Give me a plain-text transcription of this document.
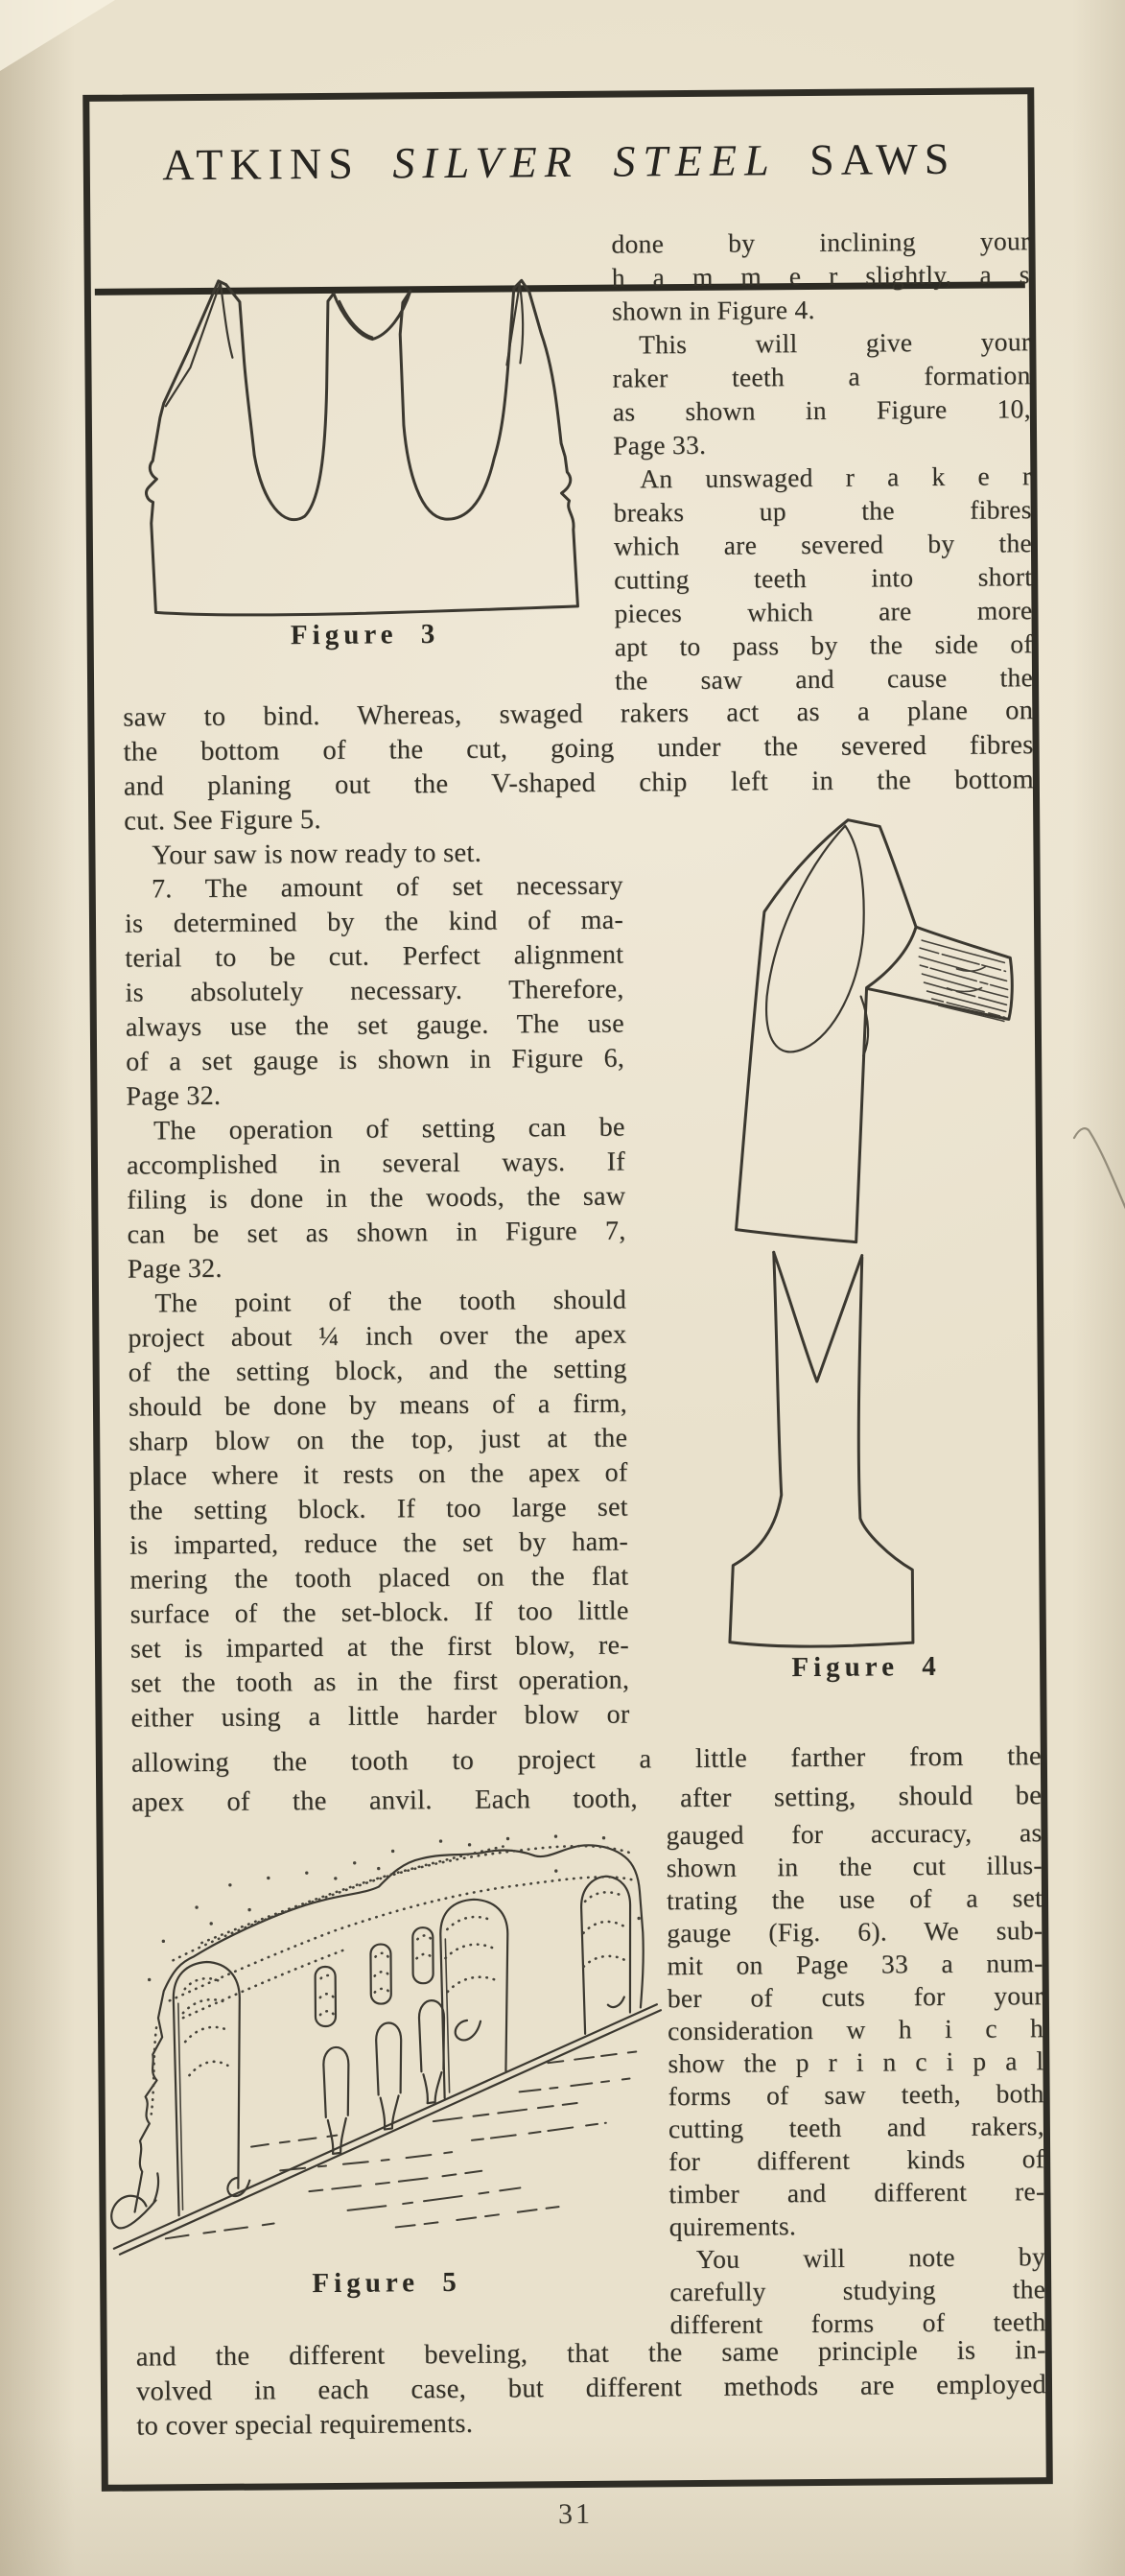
ATKINS SILVER STEEL SAWS
Figure 3
Figure 4
Figure 5
done by inclining your
h a m m e r slightly, a s
shown in Figure 4.
 This will give your
raker teeth a formation
as shown in Figure 10,
Page 33.
 An unswaged r a k e r
breaks up the fibres
which are severed by the
cutting teeth into short
pieces which are more
apt to pass by the side of
the saw and cause the
saw to bind. Whereas, swaged rakers act as a plane on
the bottom of the cut, going under the severed fibres
and planing out the V-shaped chip left in the bottom
cut. See Figure 5.
 Your saw is now ready to set.
 7. The amount of set necessary
is determined by the kind of ma-
terial to be cut. Perfect alignment
is absolutely necessary. Therefore,
always use the set gauge. The use
of a set gauge is shown in Figure 6,
Page 32.
 The operation of setting can be
accomplished in several ways. If
filing is done in the woods, the saw
can be set as shown in Figure 7,
Page 32.
 The point of the tooth should
project about ¼ inch over the apex
of the setting block, and the setting
should be done by means of a firm,
sharp blow on the top, just at the
place where it rests on the apex of
the setting block. If too large set
is imparted, reduce the set by ham-
mering the tooth placed on the flat
surface of the set-block. If too little
set is imparted at the first blow, re-
set the tooth as in the first operation,
either using a little harder blow or
allowing the tooth to project a little farther from the
apex of the anvil. Each tooth, after setting, should be
gauged for accuracy, as
shown in the cut illus-
trating the use of a set
gauge (Fig. 6). We sub-
mit on Page 33 a num-
ber of cuts for your
consideration w h i c h
show the p r i n c i p a l
forms of saw teeth, both
cutting teeth and rakers,
for different kinds of
timber and different re-
quirements.
 You will note by
carefully studying the
different forms of teeth
and the different beveling, that the same principle is in-
volved in each case, but different methods are employed
to cover special requirements.
31
